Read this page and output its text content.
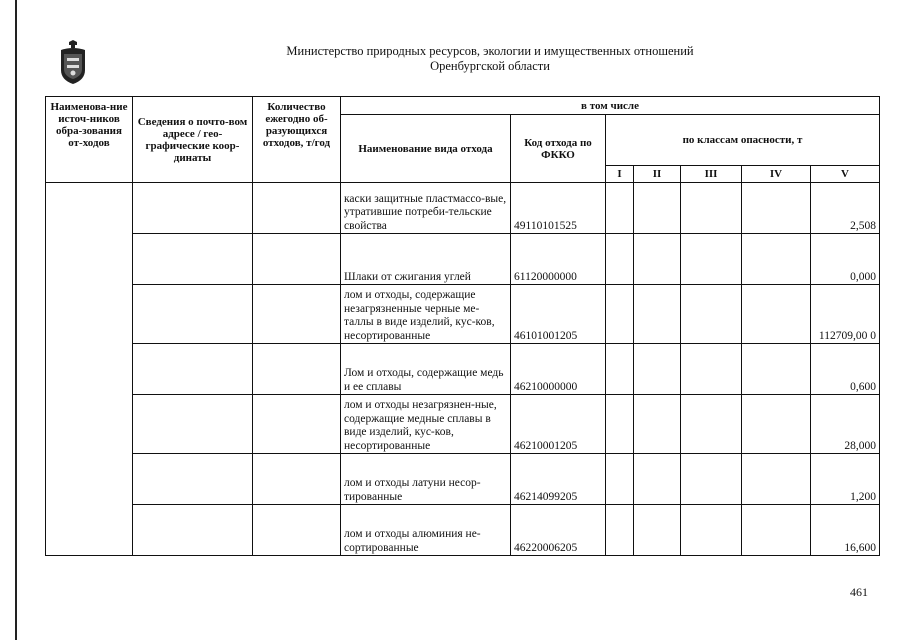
Министерство природных ресурсов, экологии и имущественных отношений
Оренбургской области
Наименова-ние источ-ников обра-зования от-ходов	Сведения о почто-вом адресе / гео-графические коор-динаты	Количество ежегодно об-разующихся отходов, т/год	в том числе						
			Наименование вида отхода	Код отхода по ФККО	по классам опасности, т				
					I	II	III	IV	V
			каски защитные пластмассо-вые, утратившие потреби-тельские свойства	49110101525					2,508
			Шлаки от сжигания углей	61120000000					0,000
			лом и отходы, содержащие незагрязненные черные ме-таллы в виде изделий, кус-ков, несортированные	46101001205					112709,00 0
			Лом и отходы, содержащие медь и ее сплавы	46210000000					0,600
			лом и отходы незагрязнен-ные, содержащие медные сплавы в виде изделий, кус-ков, несортированные	46210001205					28,000
			лом и отходы латуни несор-тированные	46214099205					1,200
			лом и отходы алюминия не-сортированные	46220006205					16,600
461
